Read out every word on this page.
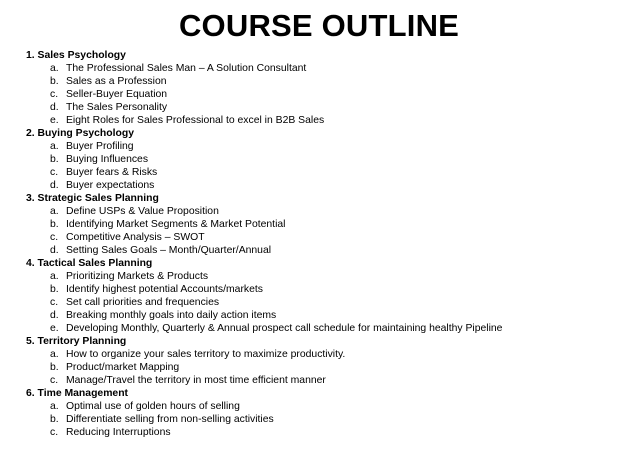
COURSE OUTLINE
1. Sales Psychology
a. The Professional Sales Man – A Solution Consultant
b. Sales as a Profession
c. Seller-Buyer Equation
d. The Sales Personality
e. Eight Roles for Sales Professional to excel in B2B Sales
2. Buying Psychology
a. Buyer Profiling
b. Buying Influences
c. Buyer fears & Risks
d. Buyer expectations
3. Strategic Sales Planning
a. Define USPs & Value Proposition
b. Identifying Market Segments & Market Potential
c. Competitive Analysis – SWOT
d. Setting Sales Goals – Month/Quarter/Annual
4. Tactical Sales Planning
a. Prioritizing Markets & Products
b. Identify highest potential Accounts/markets
c. Set call priorities and frequencies
d. Breaking monthly goals into daily action items
e. Developing Monthly, Quarterly & Annual prospect call schedule for maintaining healthy Pipeline
5. Territory Planning
a. How to organize your sales territory to maximize productivity.
b. Product/market Mapping
c. Manage/Travel the territory in most time efficient manner
6. Time Management
a. Optimal use of golden hours of selling
b. Differentiate selling from non-selling activities
c. Reducing Interruptions
